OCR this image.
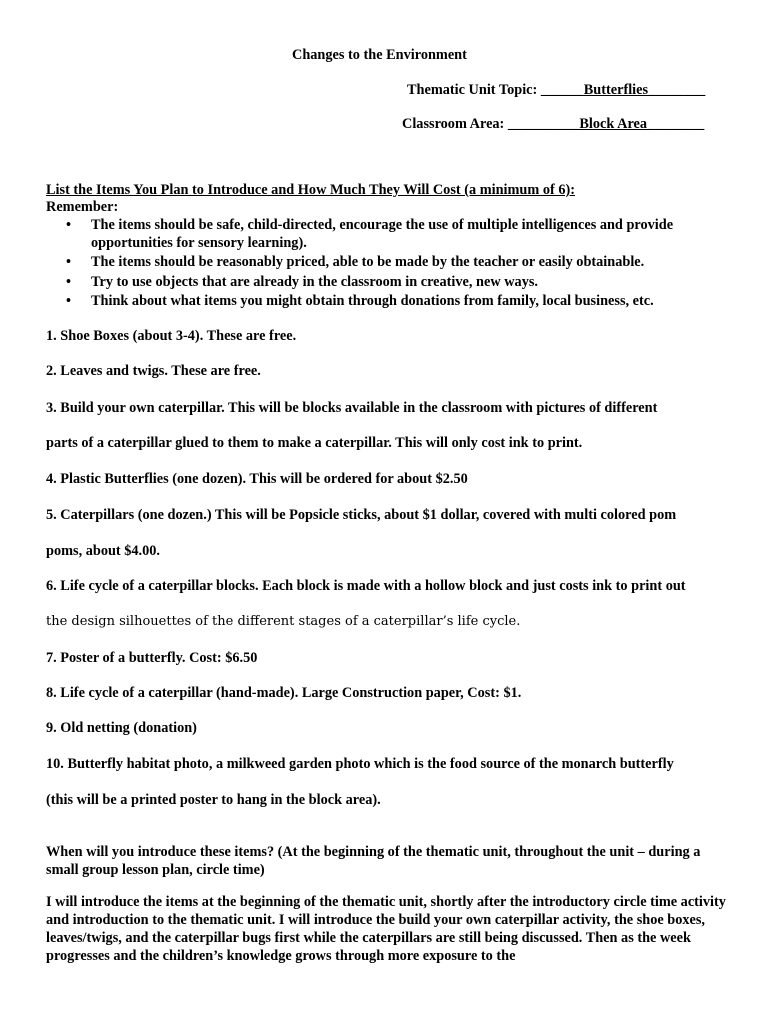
Changes to the Environment
Thematic Unit Topic: ______Butterflies________
Classroom Area: __________Block Area________
List the Items You Plan to Introduce and How Much They Will Cost (a minimum of 6):
Remember:
• The items should be safe, child-directed, encourage the use of multiple intelligences and provide opportunities for sensory learning).
• The items should be reasonably priced, able to be made by the teacher or easily obtainable.
• Try to use objects that are already in the classroom in creative, new ways.
• Think about what items you might obtain through donations from family, local business, etc.
1. Shoe Boxes (about 3-4). These are free.
2. Leaves and twigs. These are free.
3. Build your own caterpillar. This will be blocks available in the classroom with pictures of different
parts of a caterpillar glued to them to make a caterpillar. This will only cost ink to print.
4. Plastic Butterflies (one dozen). This will be ordered for about $2.50
5. Caterpillars (one dozen.) This will be Popsicle sticks, about $1 dollar, covered with multi colored pom
poms, about $4.00.
6. Life cycle of a caterpillar blocks. Each block is made with a hollow block and just costs ink to print out
the design silhouettes of the different stages of a caterpillar’s life cycle.
7. Poster of a butterfly. Cost: $6.50
8. Life cycle of a caterpillar (hand-made). Large Construction paper, Cost: $1.
9. Old netting (donation)
10. Butterfly habitat photo, a milkweed garden photo which is the food source of the monarch butterfly
(this will be a printed poster to hang in the block area).
When will you introduce these items? (At the beginning of the thematic unit, throughout the unit – during a small group lesson plan, circle time)
I will introduce the items at the beginning of the thematic unit, shortly after the introductory circle time activity and introduction to the thematic unit. I will introduce the build your own caterpillar activity, the shoe boxes, leaves/twigs, and the caterpillar bugs first while the caterpillars are still being discussed. Then as the week progresses and the children’s knowledge grows through more exposure to the
